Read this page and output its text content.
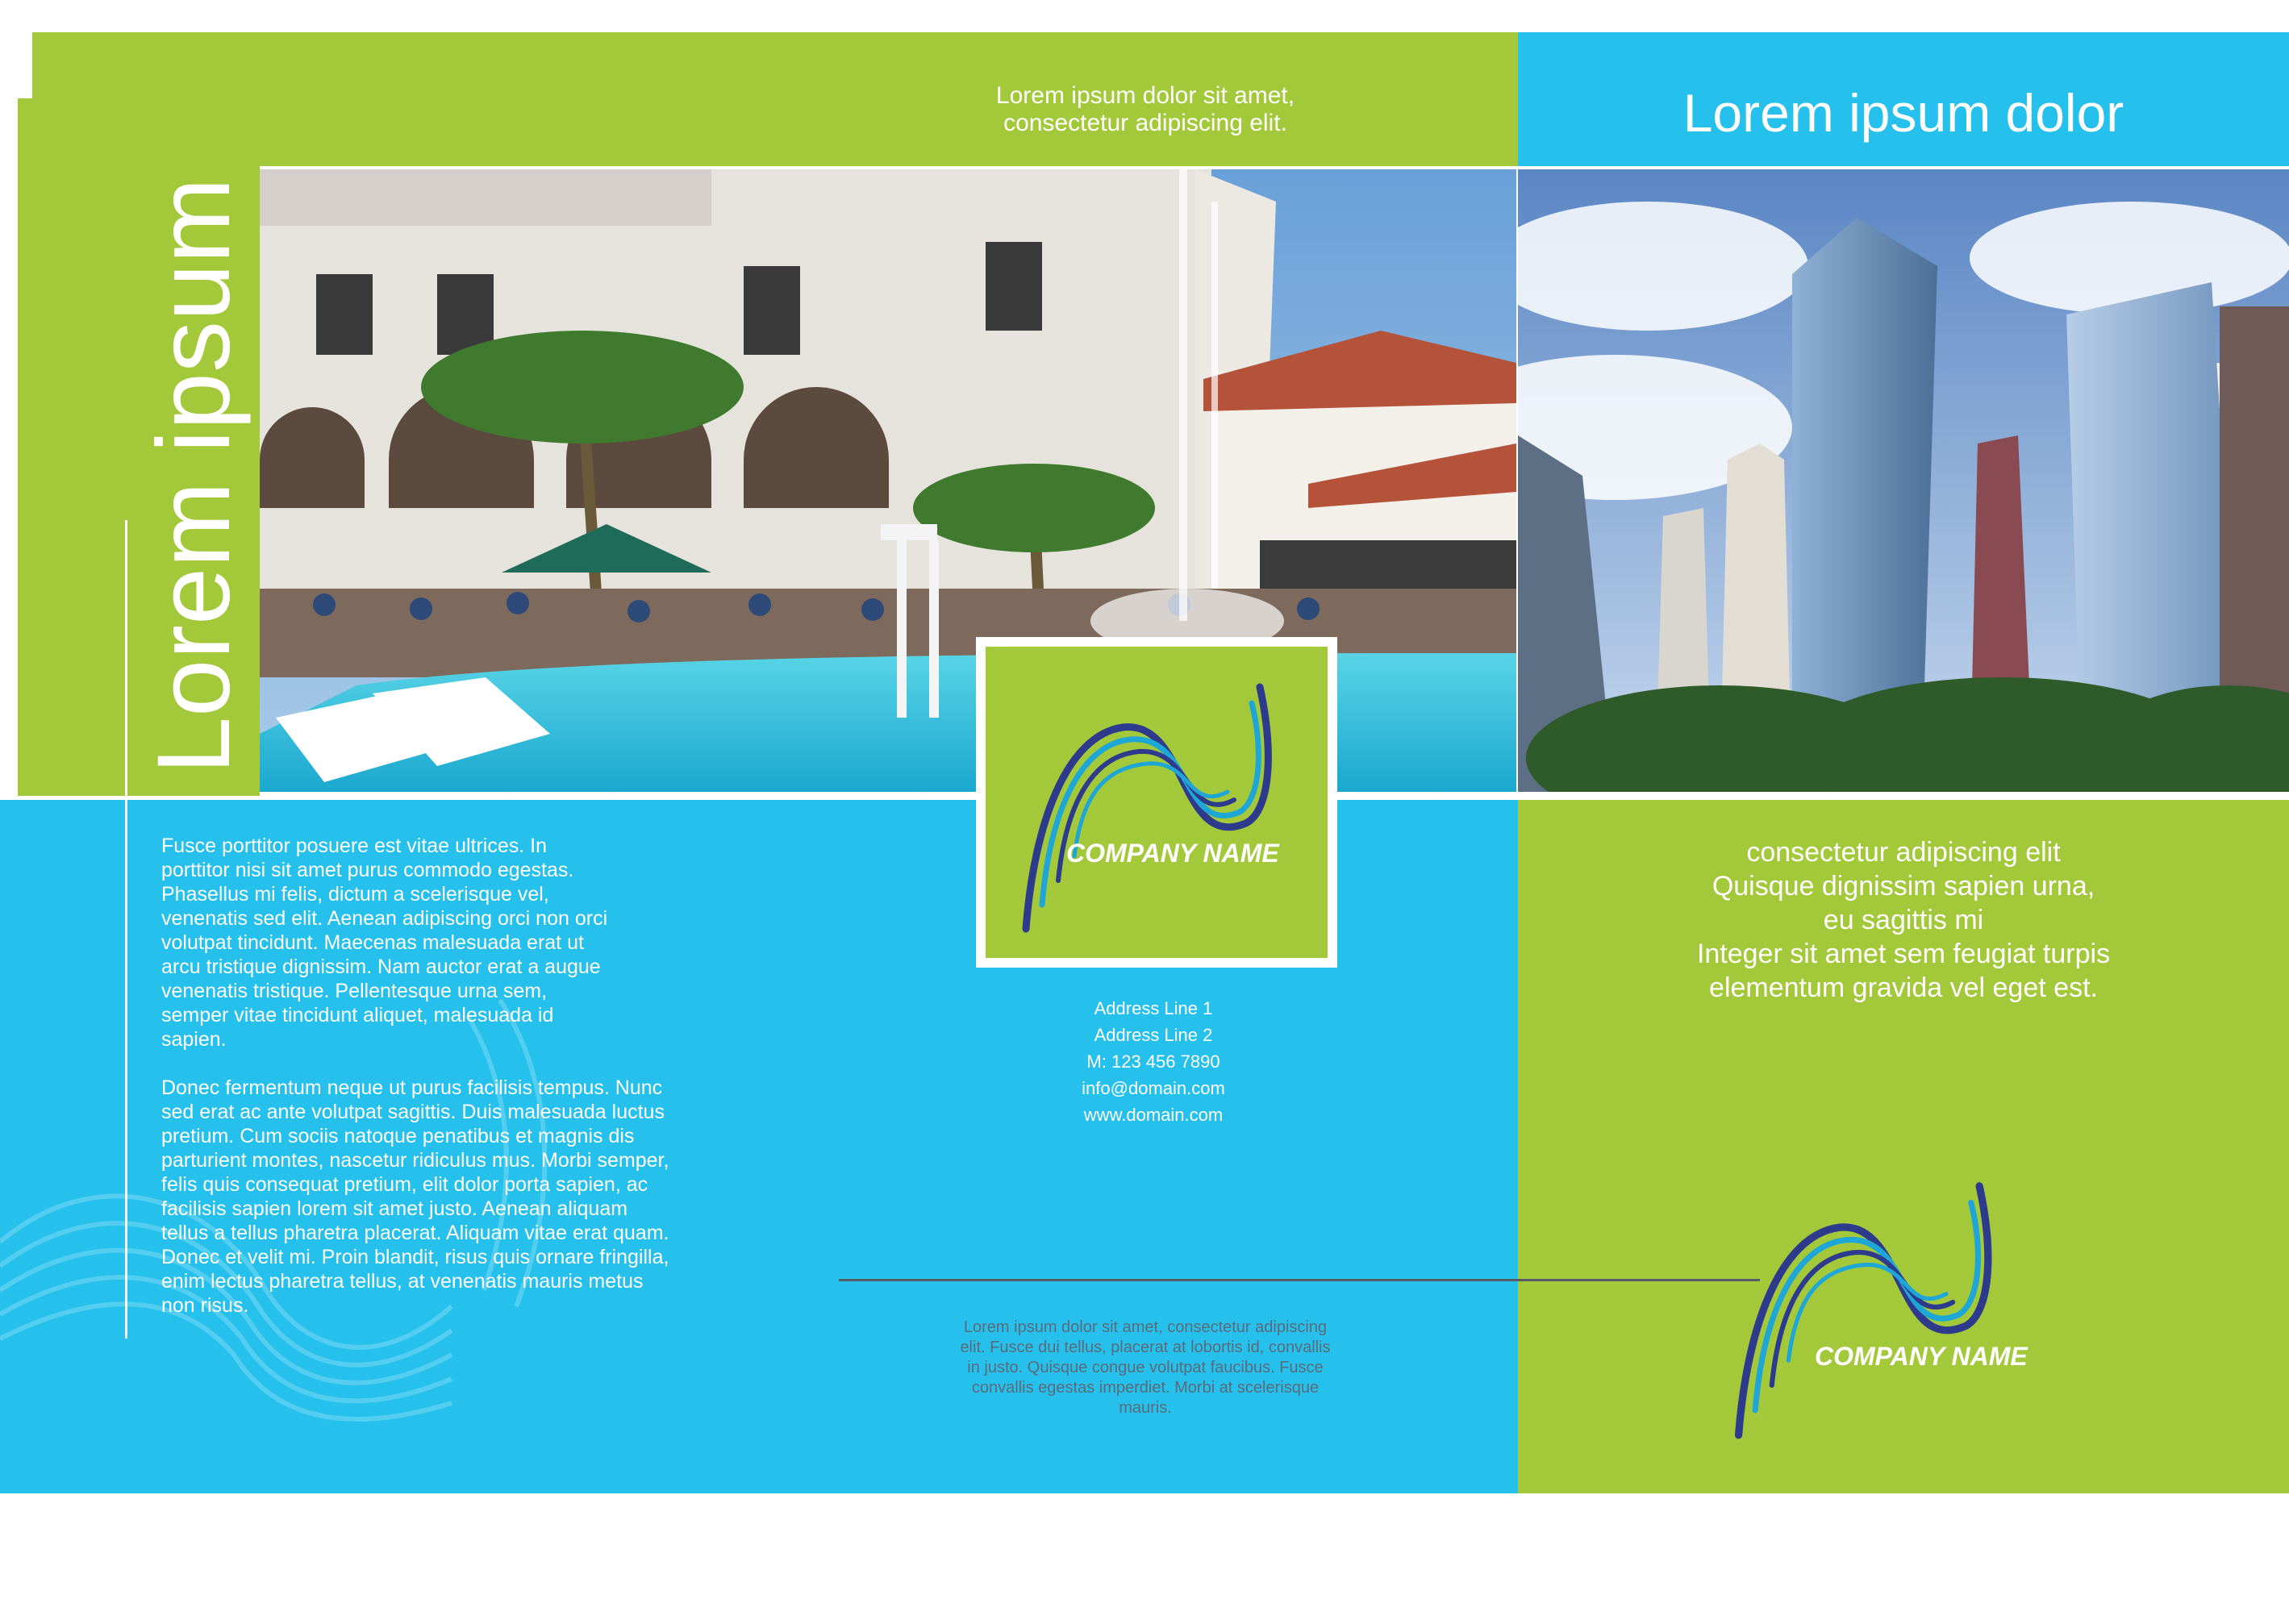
Lorem ipsum dolor sit amet,
consectetur adipiscing elit.	Lorem ipsum dolor
Lorem ipsum
Fusce porttitor posuere est vitae ultrices. In porttitor nisi sit amet purus commodo egestas. Phasellus mi felis, dictum a scelerisque vel, venenatis sed elit. Aenean adipiscing orci non orci volutpat tincidunt. Maecenas malesuada erat ut arcu tristique dignissim. Nam auctor erat a augue venenatis tristique. Pellentesque urna sem, semper vitae tincidunt aliquet, malesuada id sapien.
Donec fermentum neque ut purus facilisis tempus. Nunc sed erat ac ante volutpat sagittis. Duis malesuada luctus pretium. Cum sociis natoque penatibus et magnis dis parturient montes, nascetur ridiculus mus. Morbi semper, felis quis consequat pretium, elit dolor porta sapien, ac facilisis sapien lorem sit amet justo. Aenean aliquam tellus a tellus pharetra placerat. Aliquam vitae erat quam. Donec et velit mi. Proin blandit, risus quis ornare fringilla, enim lectus pharetra tellus, at venenatis mauris metus non risus.
COMPANY NAME
Address Line 1
Address Line 2
M: 123 456 7890
info@domain.com
www.domain.com
Lorem ipsum dolor sit amet, consectetur adipiscing elit. Fusce dui tellus, placerat at lobortis id, convallis in justo. Quisque congue volutpat faucibus. Fusce convallis egestas imperdiet. Morbi at scelerisque mauris.
consectetur adipiscing elit
Quisque dignissim sapien urna,
eu sagittis mi
Integer sit amet sem feugiat turpis
elementum gravida vel eget est.
COMPANY NAME
